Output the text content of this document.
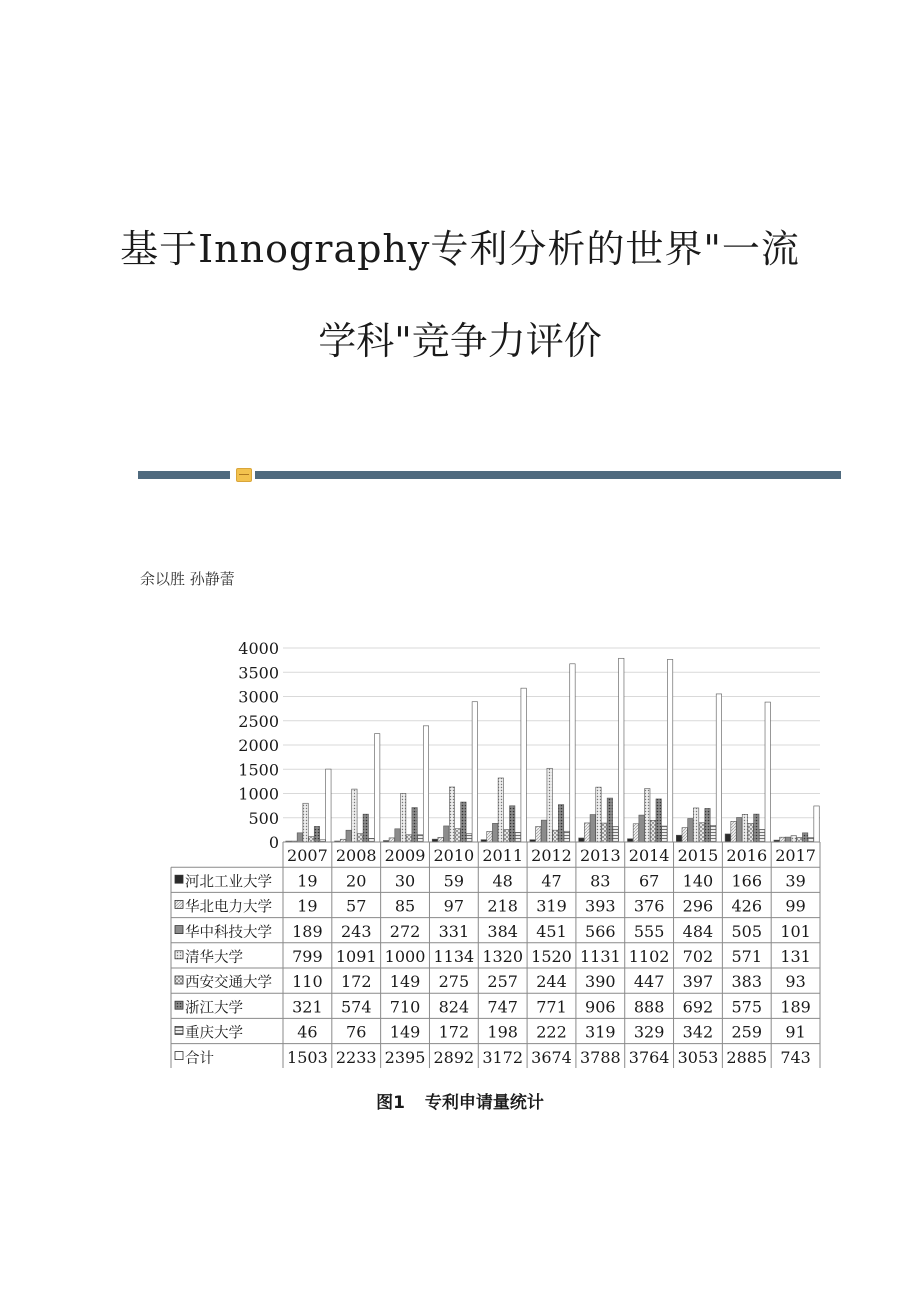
基于Innography专利分析的世界"一流
学科"竞争力评价
余以胜 孙静蕾
0
500
1000
1500
2000
2500
3000
3500
4000
2007 2008 2009 2010 2011 2012 2013 2014 2015 2016 2017
河北工业大学 19 20 30 59 48 47 83 67 140 166 39
华北电力大学 19 57 85 97 218 319 393 376 296 426 99
华中科技大学 189 243 272 331 384 451 566 555 484 505 101
清华大学	799 1091 1000 1134 1320 1520 1131 1102 702 571 131
西安交通大学 110 172 149 275 257 244 390 447 397 383 93
浙江大学	321 574 710 824 747 771 906 888 692 575 189
重庆大学	46 76 149 172 198 222 319 329 342 259 91
合计	1503 2233 2395 2892 3172 3674 3788 3764 3053 2885 743
图1 专利申请量统计
